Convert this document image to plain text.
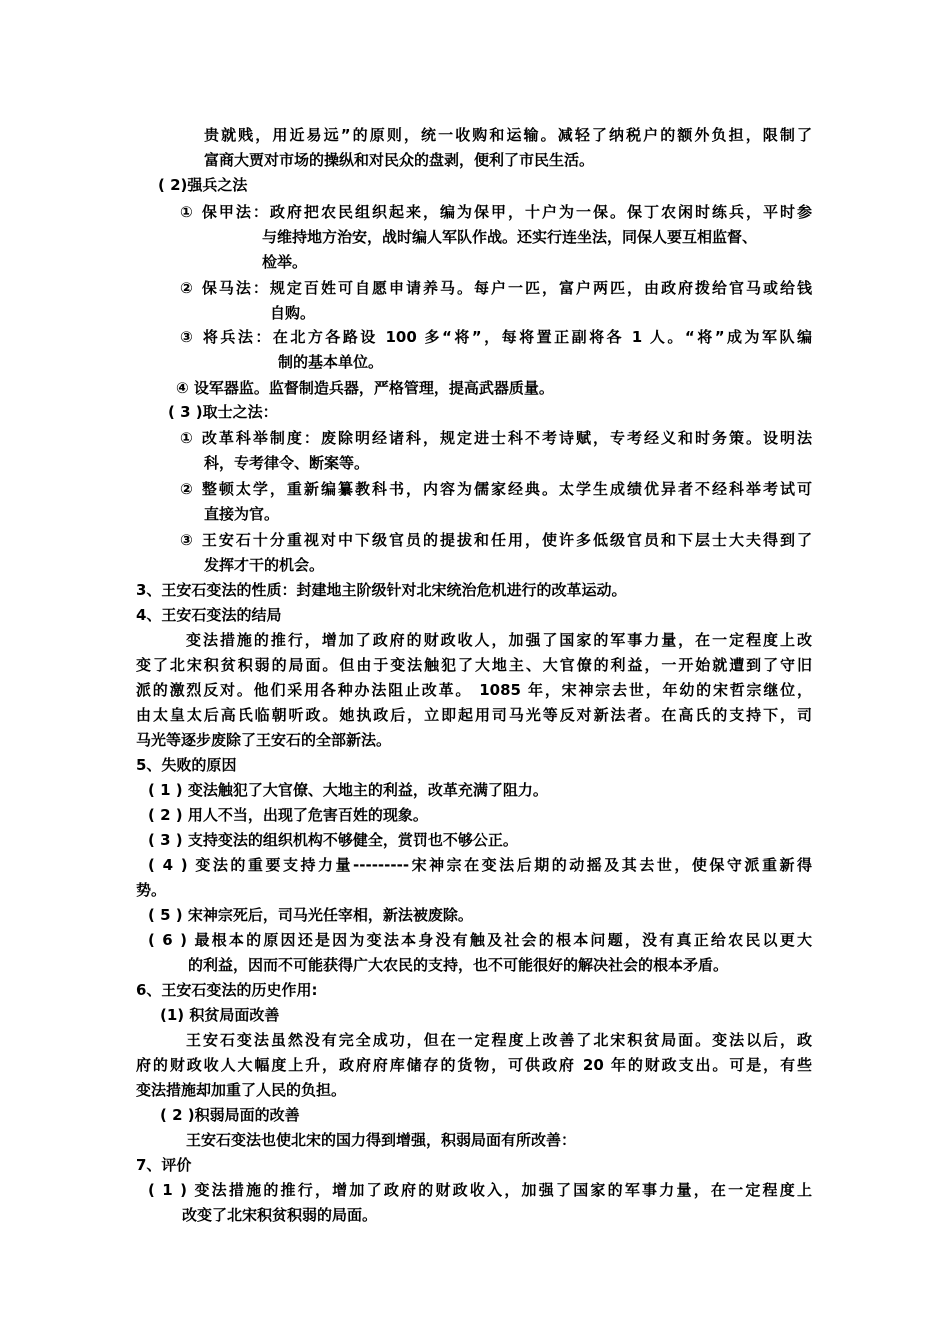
贵就贱，用近易远”的原则，统一收购和运输。减轻了纳税户的额外负担，限制了
富商大贾对市场的操纵和对民众的盘剥，便利了市民生活。
( 2)强兵之法
① 保甲法：政府把农民组织起来，编为保甲，十户为一保。保丁农闲时练兵，平时参
与维持地方治安，战时编人军队作战。还实行连坐法，同保人要互相监督、
检举。
② 保马法：规定百姓可自愿申请养马。每户一匹，富户两匹，由政府拨给官马或给钱
自购。
③ 将兵法：在北方各路设 100 多“将”，每将置正副将各 1 人。“将”成为军队编
制的基本单位。
④ 设军器监。监督制造兵器，严格管理，提高武器质量。
( 3 )取士之法：
① 改革科举制度：废除明经诸科，规定进士科不考诗赋，专考经义和时务策。设明法
科，专考律令、断案等。
② 整顿太学，重新编纂教科书，内容为儒家经典。太学生成绩优异者不经科举考试可
直接为官。
③ 王安石十分重视对中下级官员的提拔和任用，使许多低级官员和下层士大夫得到了
发挥才干的机会。
3、王安石变法的性质：封建地主阶级针对北宋统治危机进行的改革运动。
4、王安石变法的结局
变法措施的推行，增加了政府的财政收人，加强了国家的军事力量，在一定程度上改
变了北宋积贫积弱的局面。但由于变法触犯了大地主、大官僚的利益，一开始就遭到了守旧
派的激烈反对。他们采用各种办法阻止改革。 1085 年，宋神宗去世，年幼的宋哲宗继位，
由太皇太后高氏临朝听政。她执政后，立即起用司马光等反对新法者。在高氏的支持下，司
马光等逐步废除了王安石的全部新法。
5、失败的原因
( 1 ) 变法触犯了大官僚、大地主的利益，改革充满了阻力。
( 2 ) 用人不当，出现了危害百姓的现象。
( 3 ) 支持变法的组织机构不够健全，赏罚也不够公正。
( 4 ) 变法的重要支持力量---------宋神宗在变法后期的动摇及其去世，使保守派重新得
势。
( 5 ) 宋神宗死后，司马光任宰相，新法被废除。
( 6 ) 最根本的原因还是因为变法本身没有触及社会的根本问题，没有真正给农民以更大
的利益，因而不可能获得广大农民的支持，也不可能很好的解决社会的根本矛盾。
6、王安石变法的历史作用:
(1) 积贫局面改善
王安石变法虽然没有完全成功，但在一定程度上改善了北宋积贫局面。变法以后，政
府的财政收人大幅度上升，政府府库储存的货物，可供政府 20 年的财政支出。可是，有些
变法措施却加重了人民的负担。
( 2 )积弱局面的改善
王安石变法也使北宋的国力得到增强，积弱局面有所改善：
7、评价
( 1 ) 变法措施的推行，增加了政府的财政收入，加强了国家的军事力量，在一定程度上
改变了北宋积贫积弱的局面。
